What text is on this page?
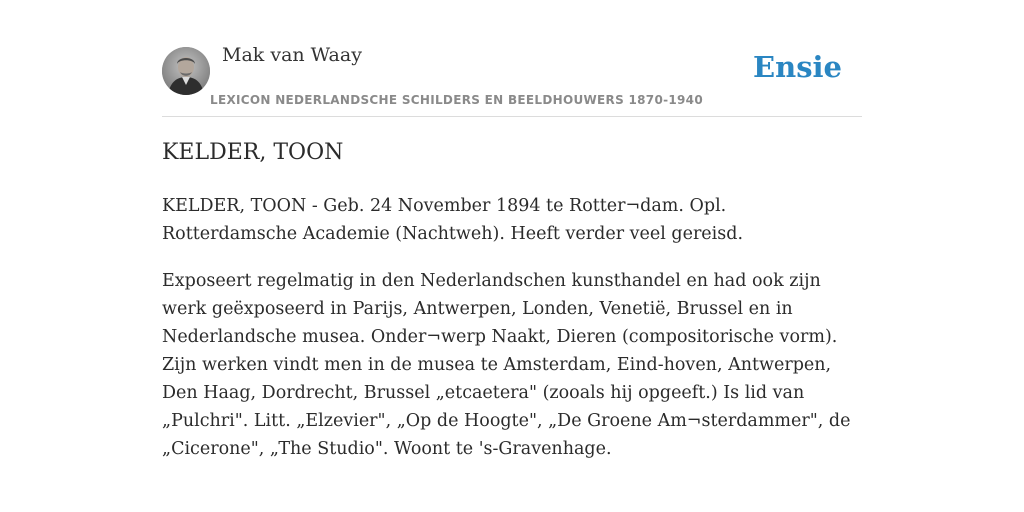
Mak van Waay
LEXICON NEDERLANDSCHE SCHILDERS EN BEELDHOUWERS 1870-1940
Ensie
KELDER, TOON

KELDER, TOON - Geb. 24 November 1894 te Rotter¬dam. Opl. Rotterdamsche Academie (Nachtweh). Heeft verder veel gereisd.

Exposeert regelmatig in den Nederlandschen kunsthandel en had ook zijn werk geëxposeerd in Parijs, Antwerpen, Londen, Venetië, Brussel en in Nederlandsche musea. Onder¬werp Naakt, Dieren (compositorische vorm). Zijn werken vindt men in de musea te Amsterdam, Eind-hoven, Antwerpen, Den Haag, Dordrecht, Brussel „etcaetera" (zooals hij opgeeft.) Is lid van „Pulchri". Litt. „Elzevier", „Op de Hoogte", „De Groene Am¬sterdammer", de „Cicerone", „The Studio". Woont te 's-Gravenhage.
